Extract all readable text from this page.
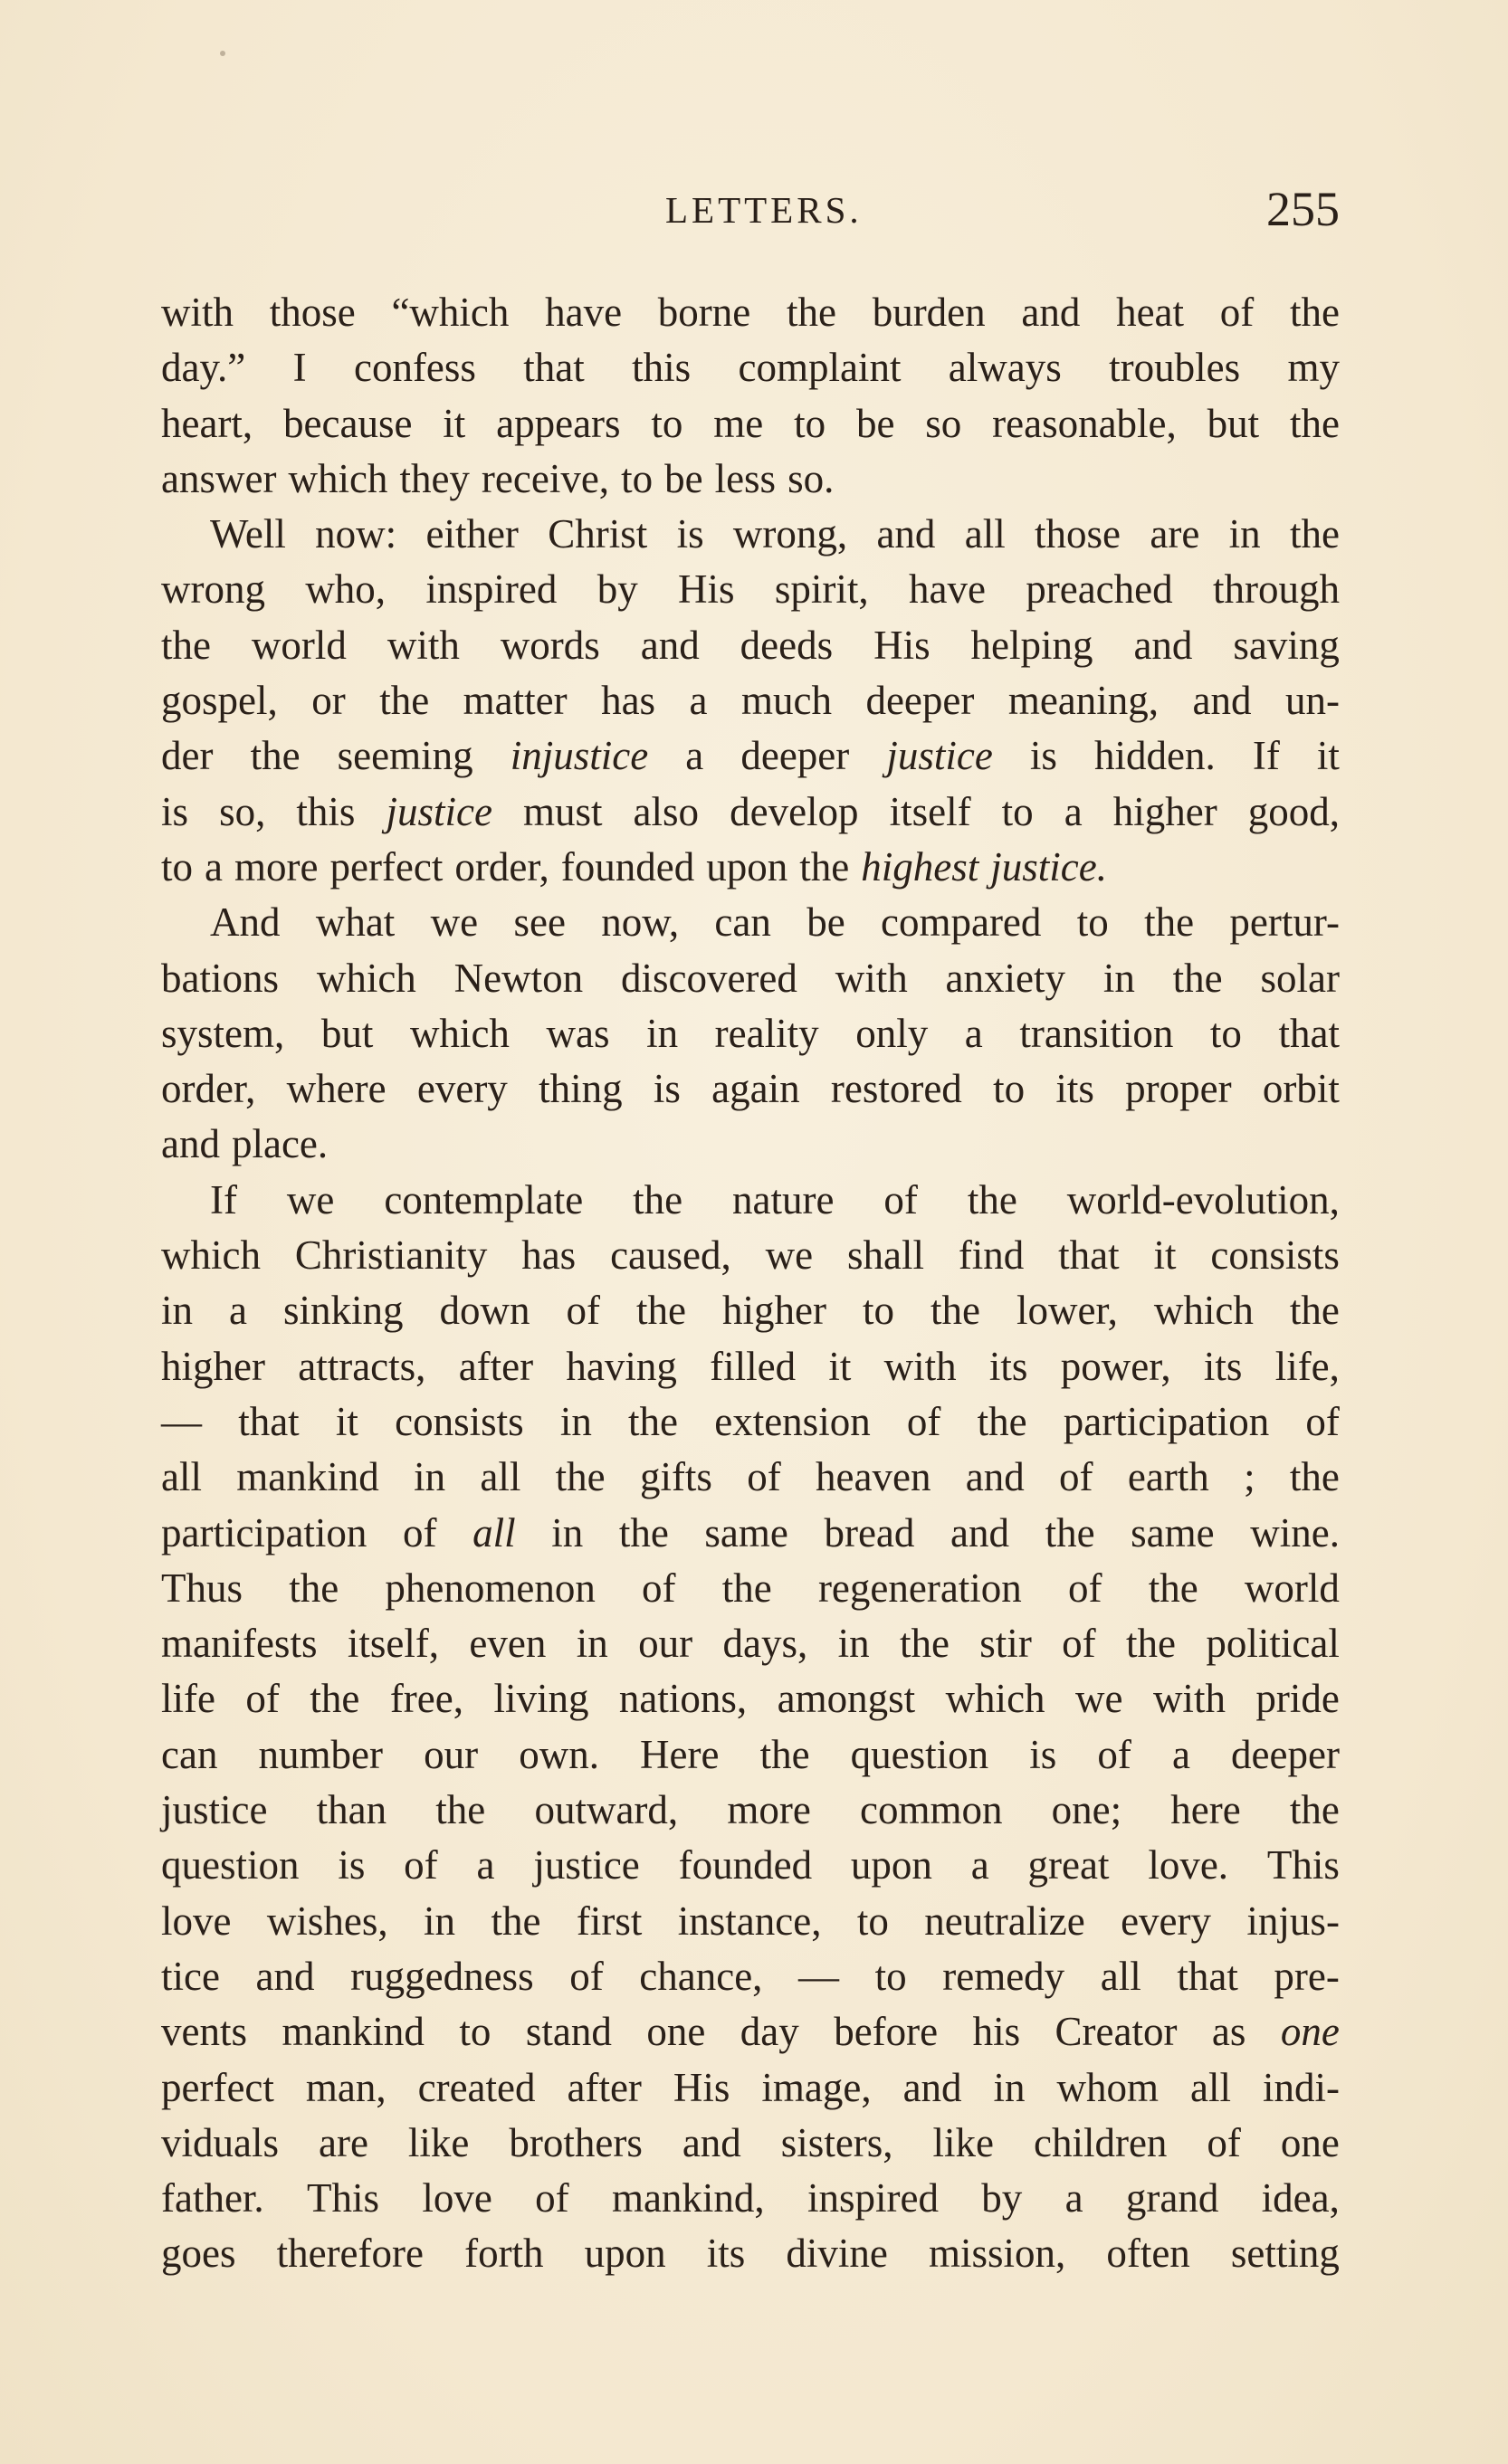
LETTERS.	255
with those “which have borne the burden and heat of the
day.” I confess that this complaint always troubles my
heart, because it appears to me to be so reasonable, but the
answer which they receive, to be less so.
Well now: either Christ is wrong, and all those are in the
wrong who, inspired by His spirit, have preached through
the world with words and deeds His helping and saving
gospel, or the matter has a much deeper meaning, and un-
der the seeming injustice a deeper justice is hidden. If it
is so, this justice must also develop itself to a higher good,
to a more perfect order, founded upon the highest justice.
And what we see now, can be compared to the pertur-
bations which Newton discovered with anxiety in the solar
system, but which was in reality only a transition to that
order, where every thing is again restored to its proper orbit
and place.
If we contemplate the nature of the world-evolution,
which Christianity has caused, we shall find that it consists
in a sinking down of the higher to the lower, which the
higher attracts, after having filled it with its power, its life,
— that it consists in the extension of the participation of
all mankind in all the gifts of heaven and of earth ; the
participation of all in the same bread and the same wine.
Thus the phenomenon of the regeneration of the world
manifests itself, even in our days, in the stir of the political
life of the free, living nations, amongst which we with pride
can number our own. Here the question is of a deeper
justice than the outward, more common one; here the
question is of a justice founded upon a great love. This
love wishes, in the first instance, to neutralize every injus-
tice and ruggedness of chance, — to remedy all that pre-
vents mankind to stand one day before his Creator as one
perfect man, created after His image, and in whom all indi-
viduals are like brothers and sisters, like children of one
father. This love of mankind, inspired by a grand idea,
goes therefore forth upon its divine mission, often setting
